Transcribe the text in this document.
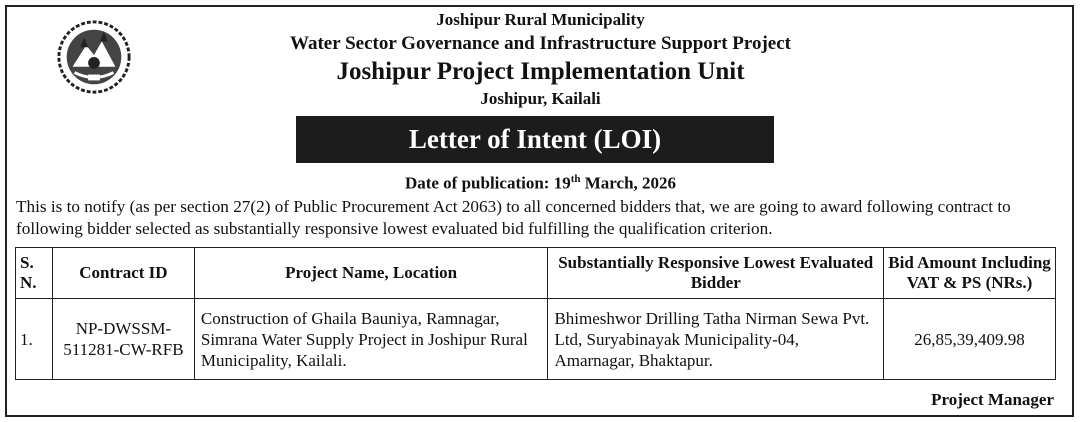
Joshipur Rural Municipality
Water Sector Governance and Infrastructure Support Project
Joshipur Project Implementation Unit
Joshipur, Kailali
Letter of Intent (LOI)
Date of publication: 19th March, 2026
This is to notify (as per section 27(2) of Public Procurement Act 2063) to all concerned bidders that, we are going to award following contract to following bidder selected as substantially responsive lowest evaluated bid fulfilling the qualification criterion.
S. N.	Contract ID	Project Name, Location	Substantially Responsive Lowest Evaluated Bidder	Bid Amount Including VAT & PS (NRs.)
1.	NP-DWSSM-511281-CW-RFB	Construction of Ghaila Bauniya, Ramnagar, Simrana Water Supply Project in Joshipur Rural Municipality, Kailali.	Bhimeshwor Drilling Tatha Nirman Sewa Pvt. Ltd, Suryabinayak Municipality-04, Amarnagar, Bhaktapur.	26,85,39,409.98
Project Manager
